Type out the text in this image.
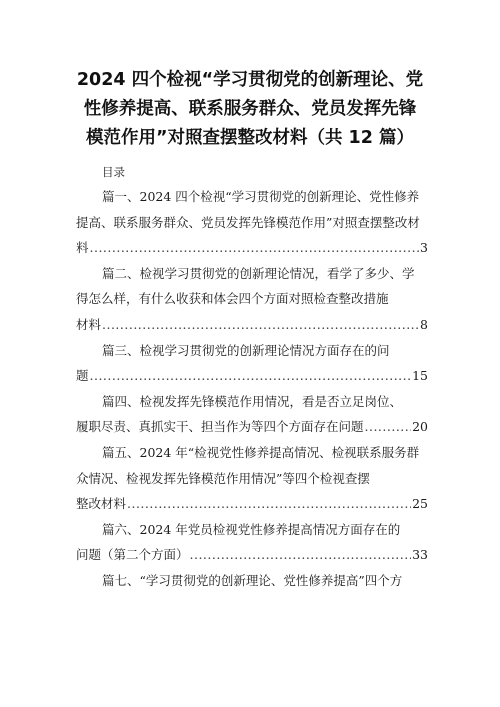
2024 四个检视“学习贯彻党的创新理论、党
性修养提高、联系服务群众、党员发挥先锋
模范作用”对照查摆整改材料（共 12 篇）

目录

篇一、2024 四个检视“学习贯彻党的创新理论、党性修养

提高、联系服务群众、党员发挥先锋模范作用”对照查摆整改材

料 .....	3

篇二、检视学习贯彻党的创新理论情况，看学了多少、学

得怎么样，有什么收获和体会四个方面对照检查整改措施

材料 .....	8

篇三、检视学习贯彻党的创新理论情况方面存在的问

题 .....	15

篇四、检视发挥先锋模范作用情况，看是否立足岗位、

履职尽责、真抓实干、担当作为等四个方面存在问题 .....	20

篇五、2024 年“检视党性修养提高情况、检视联系服务群

众情况、检视发挥先锋模范作用情况”等四个检视查摆

整改材料 .....	25

篇六、2024 年党员检视党性修养提高情况方面存在的

问题（第二个方面） .....	33

篇七、“学习贯彻党的创新理论、党性修养提高”四个方
